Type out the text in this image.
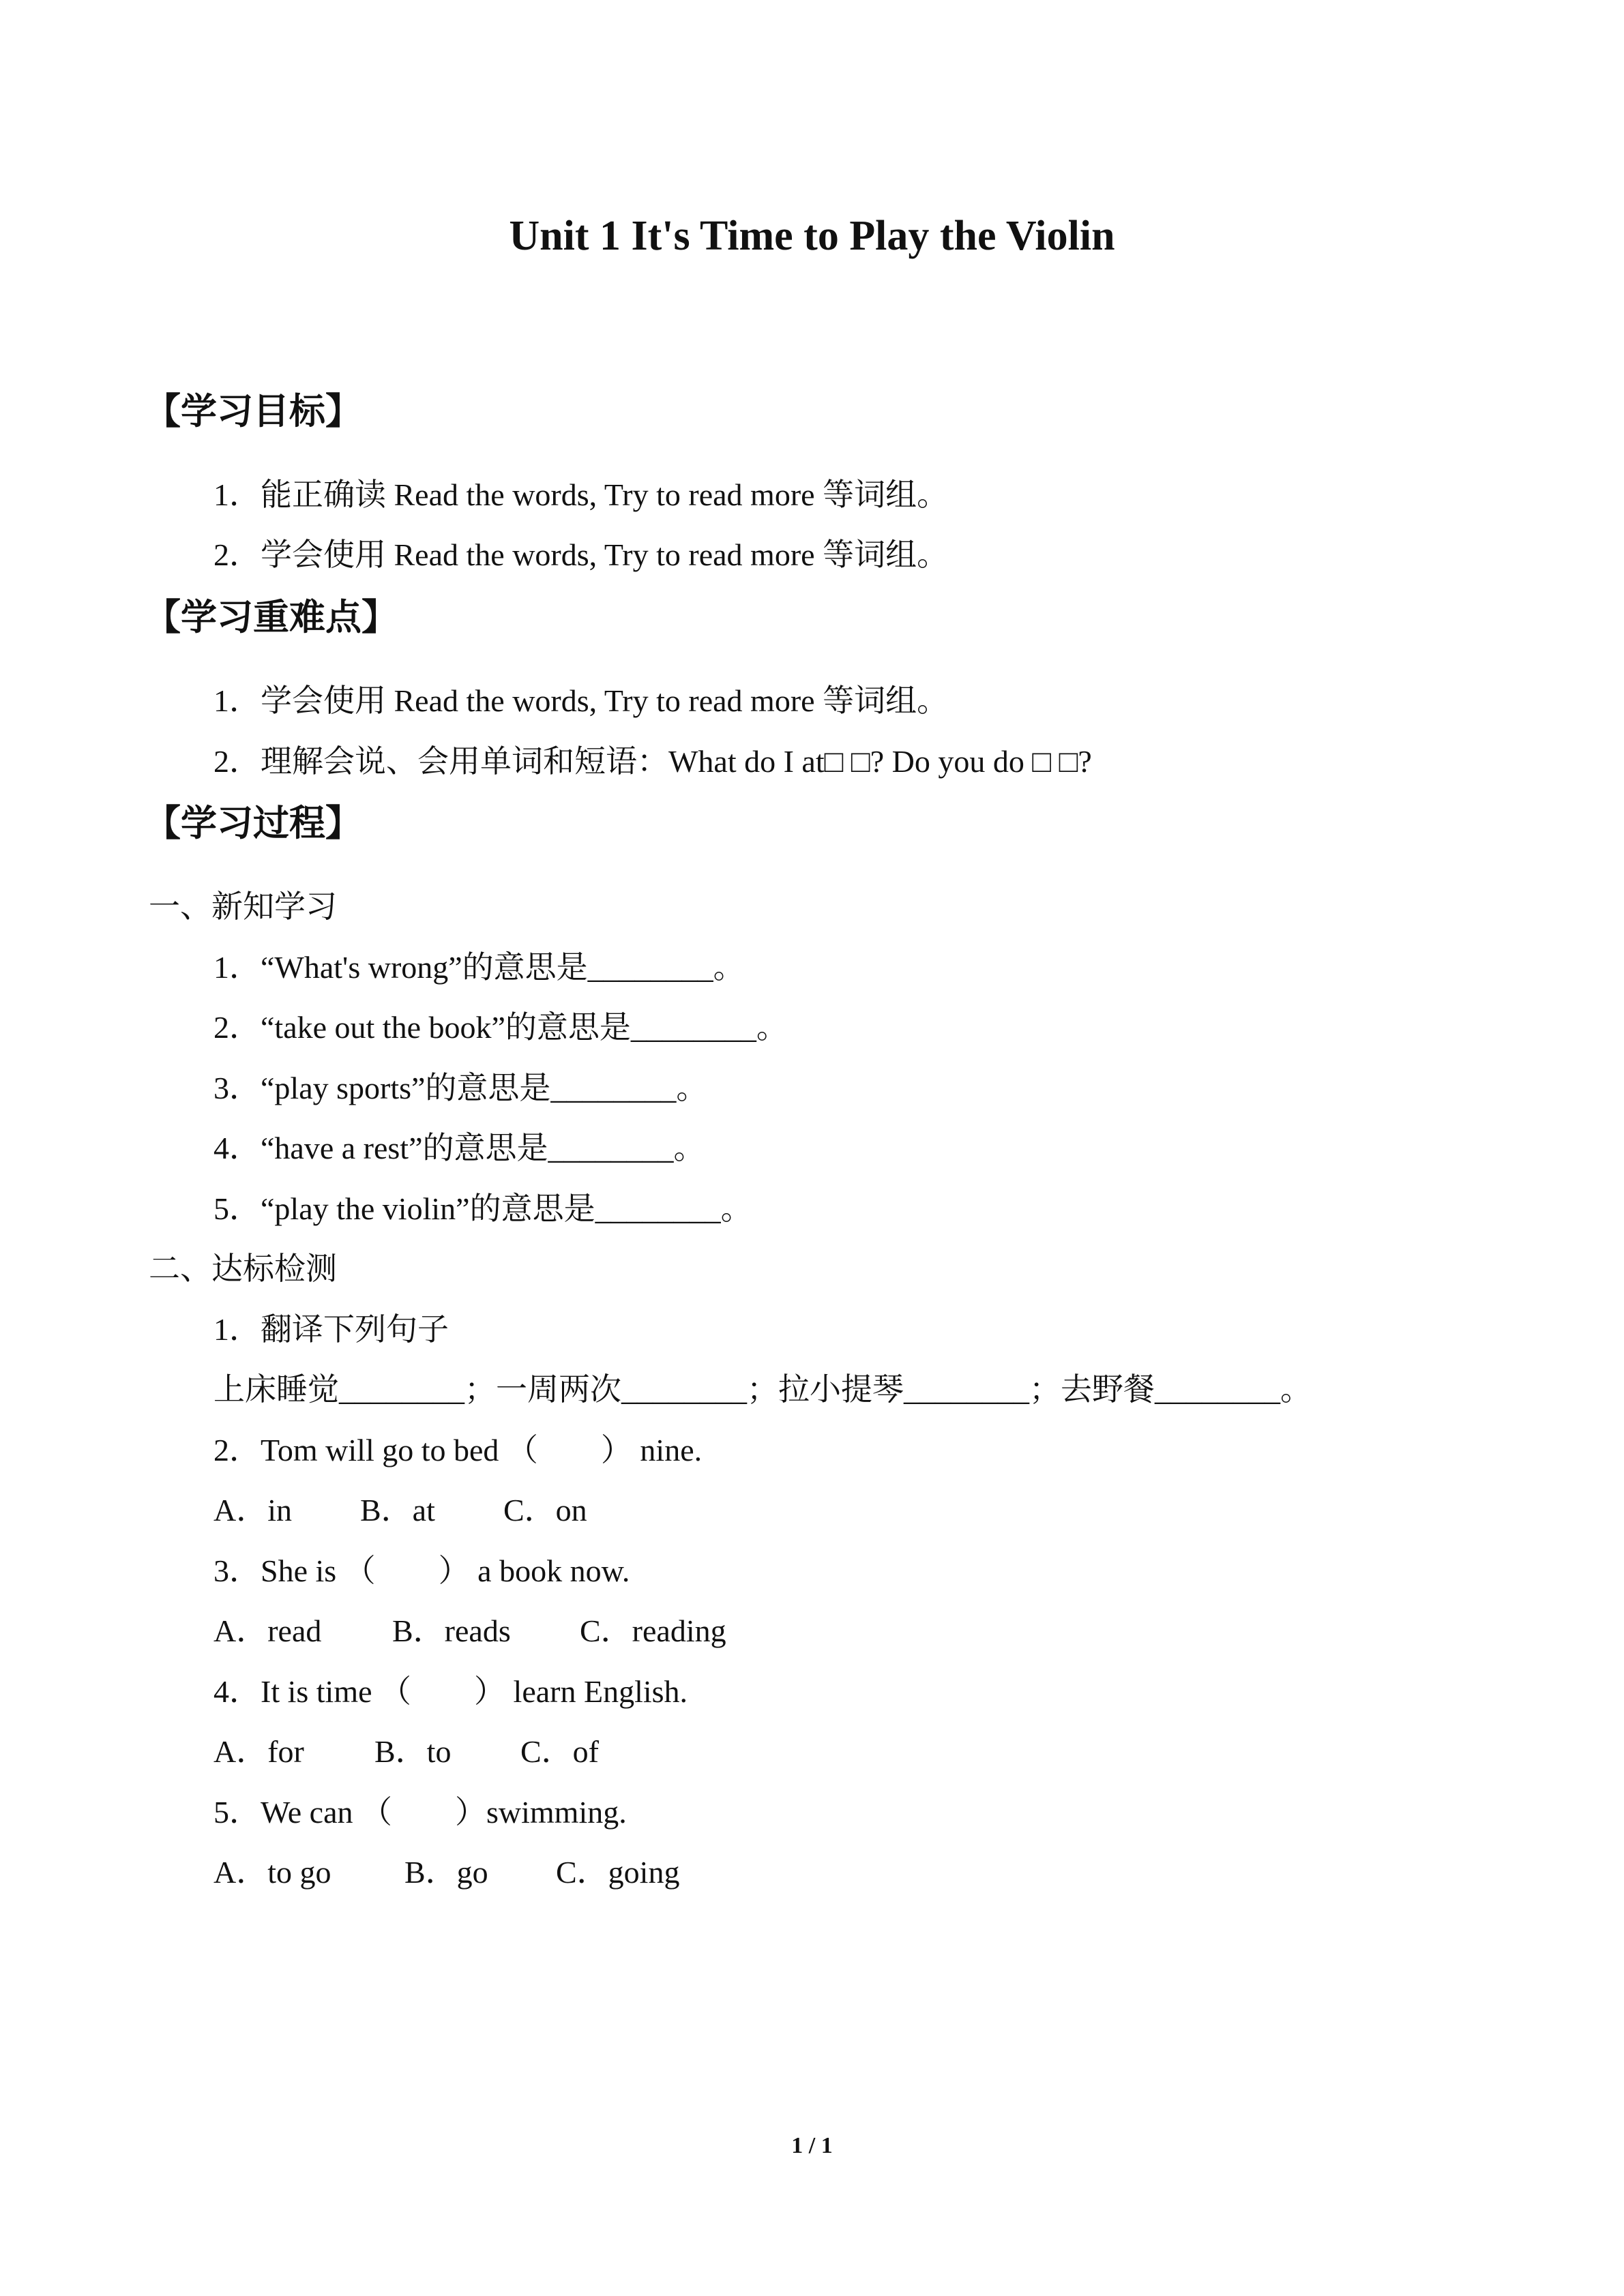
Unit 1 It's Time to Play the Violin
【学习目标】
1．能正确读 Read the words, Try to read more 等词组。
2．学会使用 Read the words, Try to read more 等词组。
【学习重难点】
1．学会使用 Read the words, Try to read more 等词组。
2．理解会说、会用单词和短语：What do I at□ □? Do you do □ □?
【学习过程】
一、新知学习
1．“What's wrong”的意思是________。
2．“take out the book”的意思是________。
3．“play sports”的意思是________。
4．“have a rest”的意思是________。
5．“play the violin”的意思是________。
二、达标检测
1．翻译下列句子
上床睡觉________；一周两次________；拉小提琴________；去野餐________。
2．Tom will go to bed （　　） nine.
A．in B．at C．on
3．She is （　　） a book now.
A．read B．reads C．reading
4．It is time （　　） learn English.
A．for B．to C．of
5．We can （　　）swimming.
A．to go B．go C．going
1 / 1
